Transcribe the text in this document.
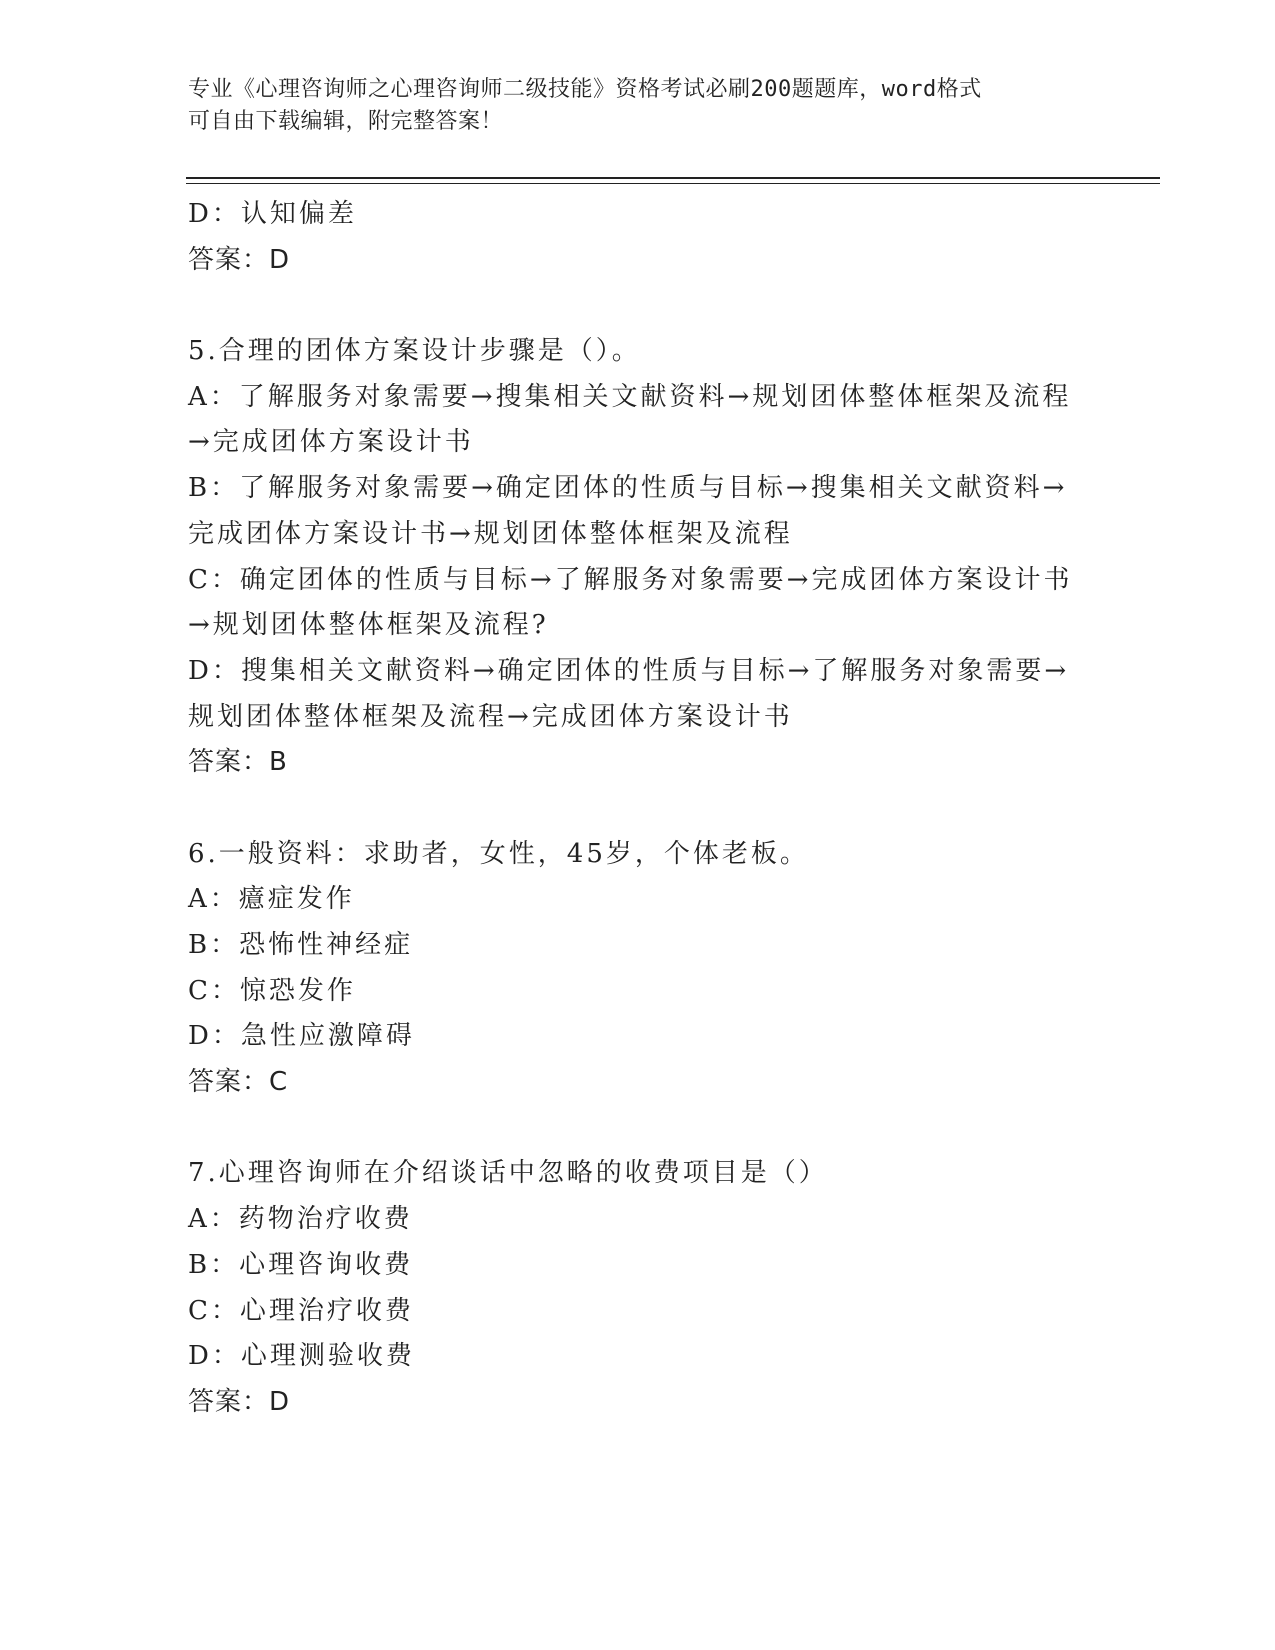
专业《心理咨询师之心理咨询师二级技能》资格考试必刷200题题库，word格式
可自由下载编辑，附完整答案！
D：认知偏差
答案：D
5.合理的团体方案设计步骤是（）。
A：了解服务对象需要→搜集相关文献资料→规划团体整体框架及流程
→完成团体方案设计书
B：了解服务对象需要→确定团体的性质与目标→搜集相关文献资料→
完成团体方案设计书→规划团体整体框架及流程
C：确定团体的性质与目标→了解服务对象需要→完成团体方案设计书
→规划团体整体框架及流程?
D：搜集相关文献资料→确定团体的性质与目标→了解服务对象需要→
规划团体整体框架及流程→完成团体方案设计书
答案：B
6.一般资料：求助者，女性，45岁，个体老板。
A：癔症发作
B：恐怖性神经症
C：惊恐发作
D：急性应激障碍
答案：C
7.心理咨询师在介绍谈话中忽略的收费项目是（）
A：药物治疗收费
B：心理咨询收费
C：心理治疗收费
D：心理测验收费
答案：D
